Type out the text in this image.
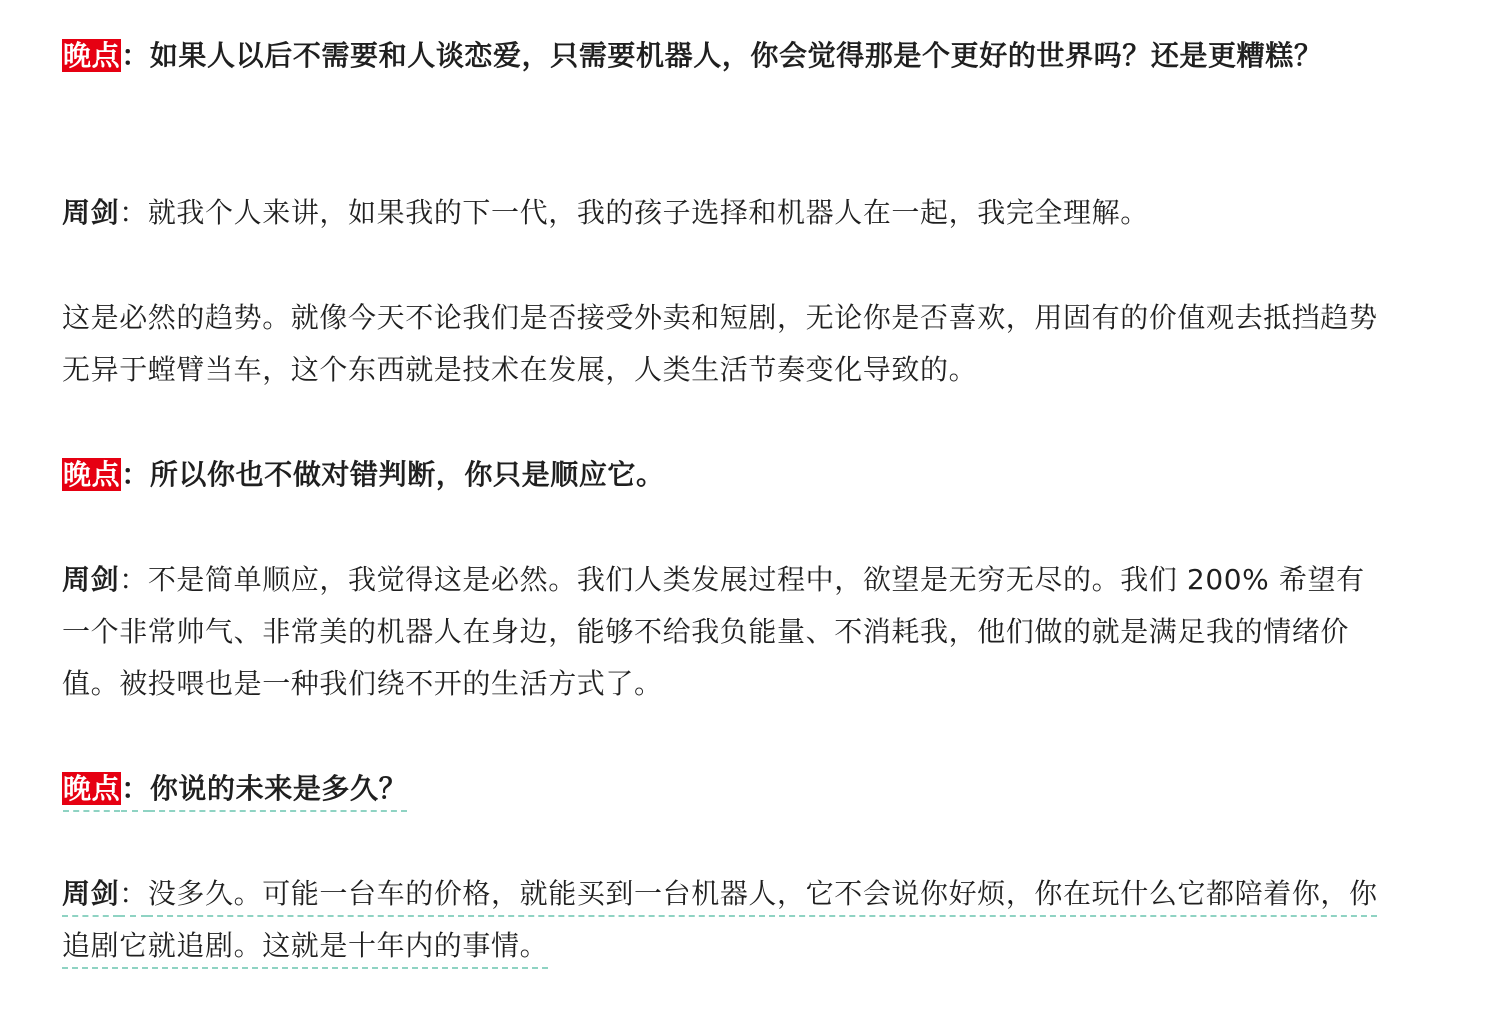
晚点：如果人以后不需要和人谈恋爱，只需要机器人，你会觉得那是个更好的世界吗？还是更糟糕？

周剑：就我个人来讲，如果我的下一代，我的孩子选择和机器人在一起，我完全理解。

这是必然的趋势。就像今天不论我们是否接受外卖和短剧，无论你是否喜欢，用固有的价值观去抵挡趋势无异于螳臂当车，这个东西就是技术在发展，人类生活节奏变化导致的。

晚点：所以你也不做对错判断，你只是顺应它。

周剑：不是简单顺应，我觉得这是必然。我们人类发展过程中，欲望是无穷无尽的。我们 200% 希望有一个非常帅气、非常美的机器人在身边，能够不给我负能量、不消耗我，他们做的就是满足我的情绪价值。被投喂也是一种我们绕不开的生活方式了。

晚点：你说的未来是多久？

周剑：没多久。可能一台车的价格，就能买到一台机器人，它不会说你好烦，你在玩什么它都陪着你，你追剧它就追剧。这就是十年内的事情。
